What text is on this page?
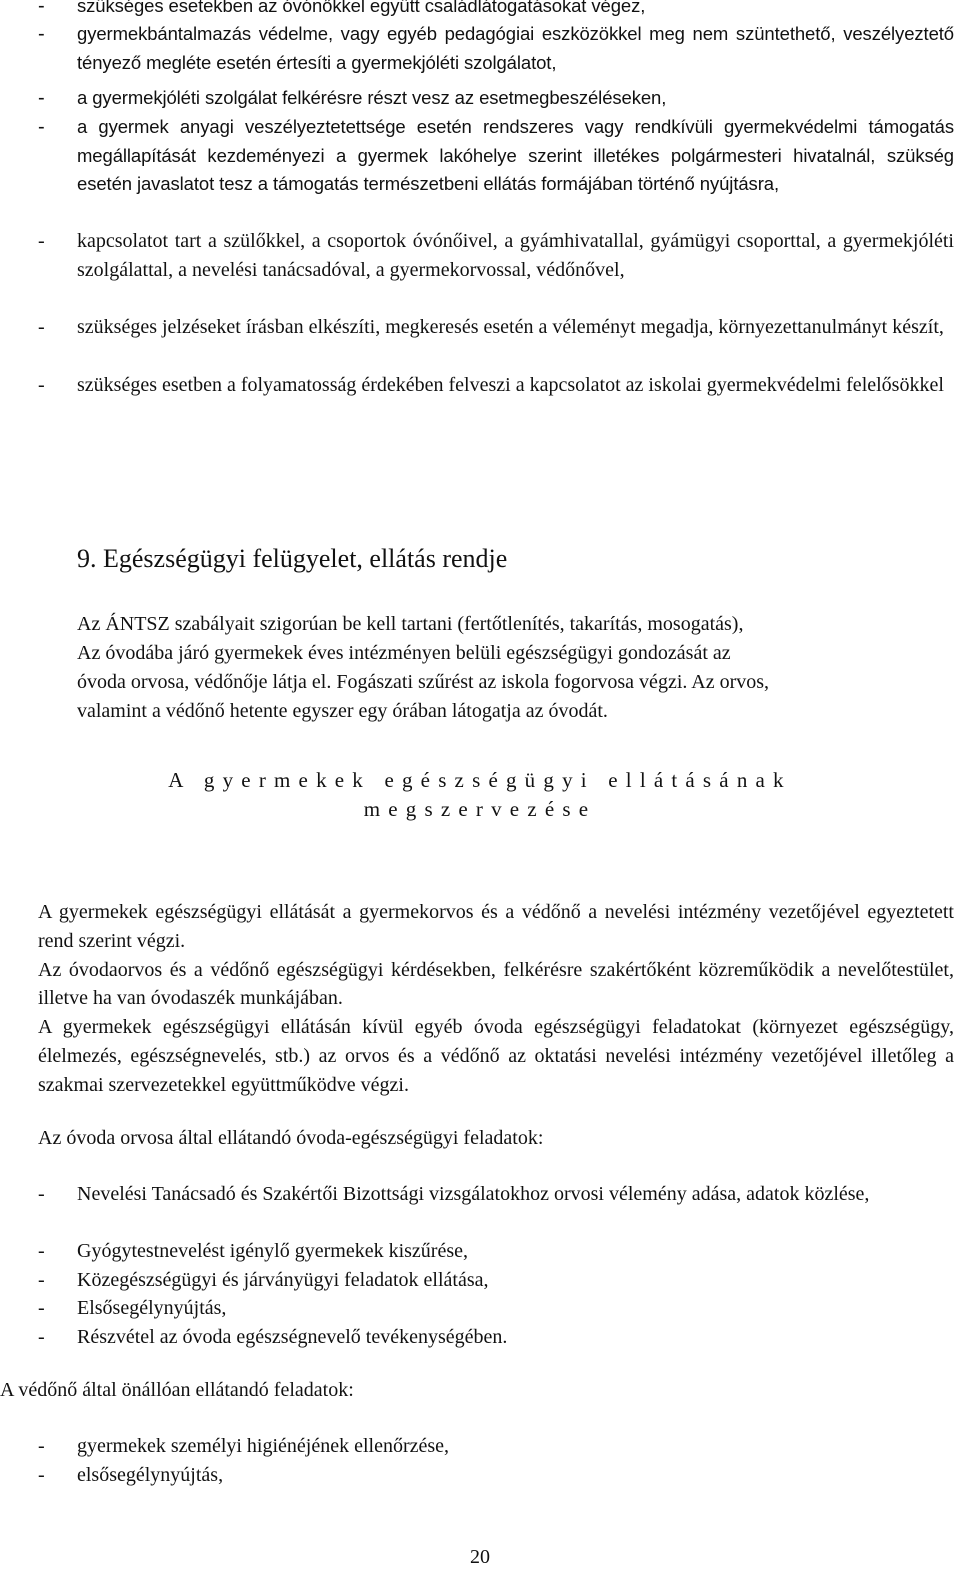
- szükséges esetekben az óvónőkkel együtt családlátogatásokat végez,
- gyermekbántalmazás védelme, vagy egyéb pedagógiai eszközökkel meg nem szüntethető, veszélyeztető tényező megléte esetén értesíti a gyermekjóléti szolgálatot,
- a gyermekjóléti szolgálat felkérésre részt vesz az esetmegbeszéléseken,
- a gyermek anyagi veszélyeztetettsége esetén rendszeres vagy rendkívüli gyermekvédelmi támogatás megállapítását kezdeményezi a gyermek lakóhelye szerint illetékes polgármesteri hivatalnál, szükség esetén javaslatot tesz a támogatás természetbeni ellátás formájában történő nyújtásra,
- kapcsolatot tart a szülőkkel, a csoportok óvónőivel, a gyámhivatallal, gyámügyi csoporttal, a gyermekjóléti szolgálattal, a nevelési tanácsadóval, a gyermekorvossal, védőnővel,
- szükséges jelzéseket írásban elkészíti, megkeresés esetén a véleményt megadja, környezettanulmányt készít,
- szükséges esetben a folyamatosság érdekében felveszi a kapcsolatot az iskolai gyermekvédelmi felelősökkel
9. Egészségügyi felügyelet, ellátás rendje
Az ÁNTSZ szabályait szigorúan be kell tartani (fertőtlenítés, takarítás, mosogatás),
Az óvodába járó gyermekek éves intézményen belüli egészségügyi gondozását az
óvoda orvosa, védőnője látja el. Fogászati szűrést az iskola fogorvosa végzi. Az orvos,
valamint a védőnő hetente egyszer egy órában látogatja az óvodát.
A gyermekek egészségügyi ellátásának
megszervezése

A gyermekek egészségügyi ellátását a gyermekorvos és a védőnő a nevelési intézmény vezetőjével egyeztetett rend szerint végzi.

Az óvodaorvos és a védőnő egészségügyi kérdésekben, felkérésre szakértőként közreműködik a nevelőtestület, illetve ha van óvodaszék munkájában.

A gyermekek egészségügyi ellátásán kívül egyéb óvoda egészségügyi feladatokat (környezet egészségügy, élelmezés, egészségnevelés, stb.) az orvos és a védőnő az oktatási nevelési intézmény vezetőjével illetőleg a szakmai szervezetekkel együttműködve végzi.

Az óvoda orvosa által ellátandó óvoda-egészségügyi feladatok:
- Nevelési Tanácsadó és Szakértői Bizottsági vizsgálatokhoz orvosi vélemény adása, adatok közlése,
- Gyógytestnevelést igénylő gyermekek kiszűrése,
- Közegészségügyi és járványügyi feladatok ellátása,
- Elsősegélynyújtás,
- Részvétel az óvoda egészségnevelő tevékenységében.
A védőnő által önállóan ellátandó feladatok:
- gyermekek személyi higiénéjének ellenőrzése,
- elsősegélynyújtás,
20
